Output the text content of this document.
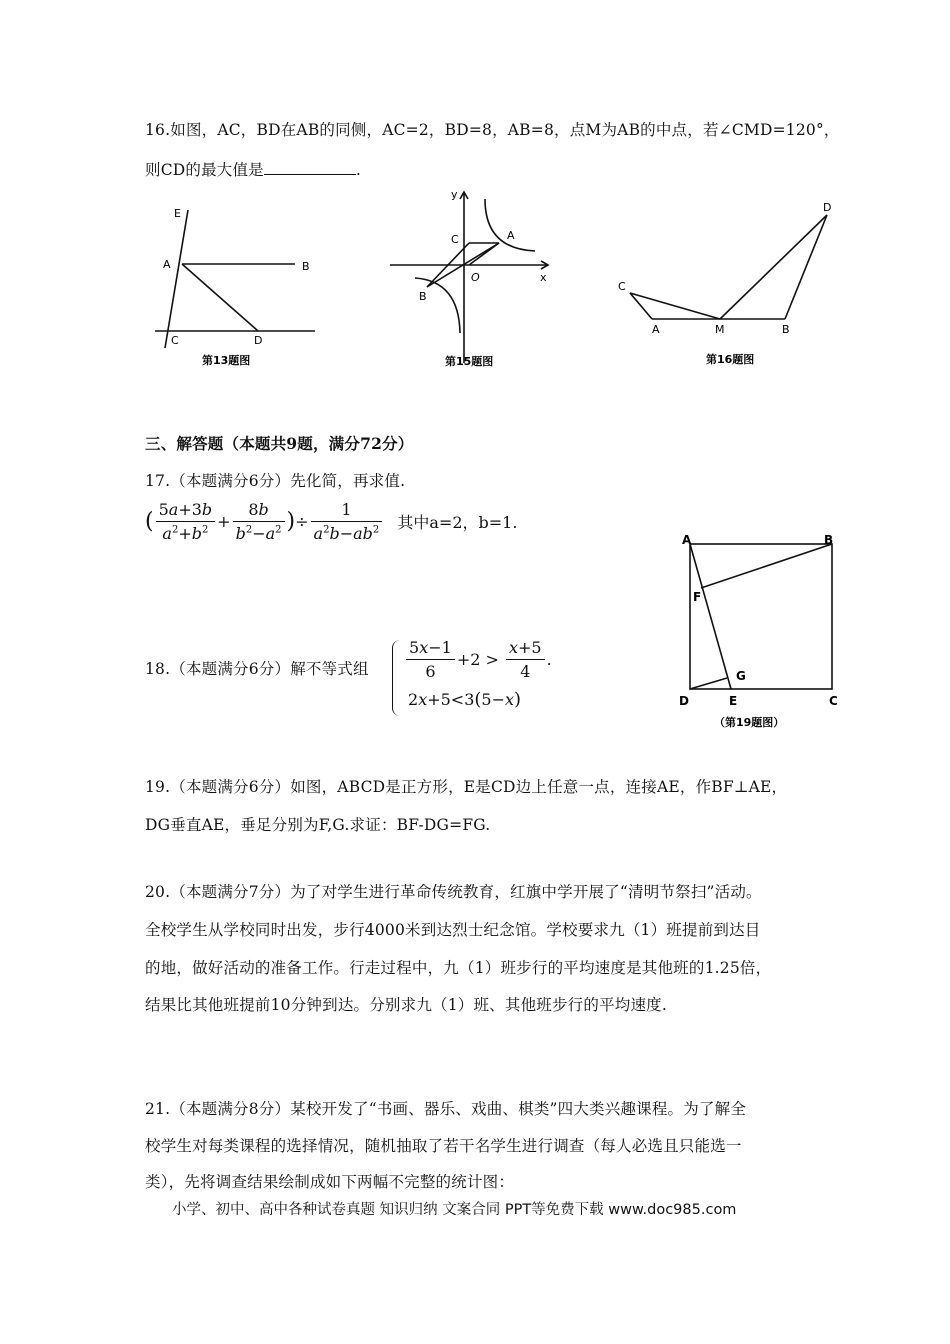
16.如图，AC，BD在AB的同侧，AC=2，BD=8，AB=8，点M为AB的中点，若∠CMD=120°，
则CD的最大值是	.
E
A	B
C	D
第13题图
y
x
C	A
O
B
第15题图
C
A	M	B
D
第16题图
三、解答题（本题共9题，满分72分）
17.（本题满分6分）先化简，再求值.
( $\frac{5a+3b}{a^2+b^2} + \frac{8b}{b^2-a^2}$ )÷ $\frac{1}{a^2b-ab^2}$ 其中a=2，b=1.
A	B
F
G
D	E	C
（第19题图）
18.（本题满分6分）解不等式组 $\frac{5x-1}{6} +2 > \frac{x+5}{4}$ .
2x+5<3(5−x)
19.（本题满分6分）如图，ABCD是正方形，E是CD边上任意一点，连接AE，作BF⊥AE，
DG垂直AE，垂足分别为F,G.求证：BF-DG=FG.
20.（本题满分7分）为了对学生进行革命传统教育，红旗中学开展了“清明节祭扫”活动。
全校学生从学校同时出发，步行4000米到达烈士纪念馆。学校要求九（1）班提前到达目
的地，做好活动的准备工作。行走过程中，九（1）班步行的平均速度是其他班的1.25倍，
结果比其他班提前10分钟到达。分别求九（1）班、其他班步行的平均速度.
21.（本题满分8分）某校开发了“书画、器乐、戏曲、棋类”四大类兴趣课程。为了解全
校学生对每类课程的选择情况，随机抽取了若干名学生进行调查（每人必选且只能选一
类），先将调查结果绘制成如下两幅不完整的统计图：
小学、初中、高中各种试卷真题 知识归纳 文案合同 PPT等免费下载 www.doc985.com
